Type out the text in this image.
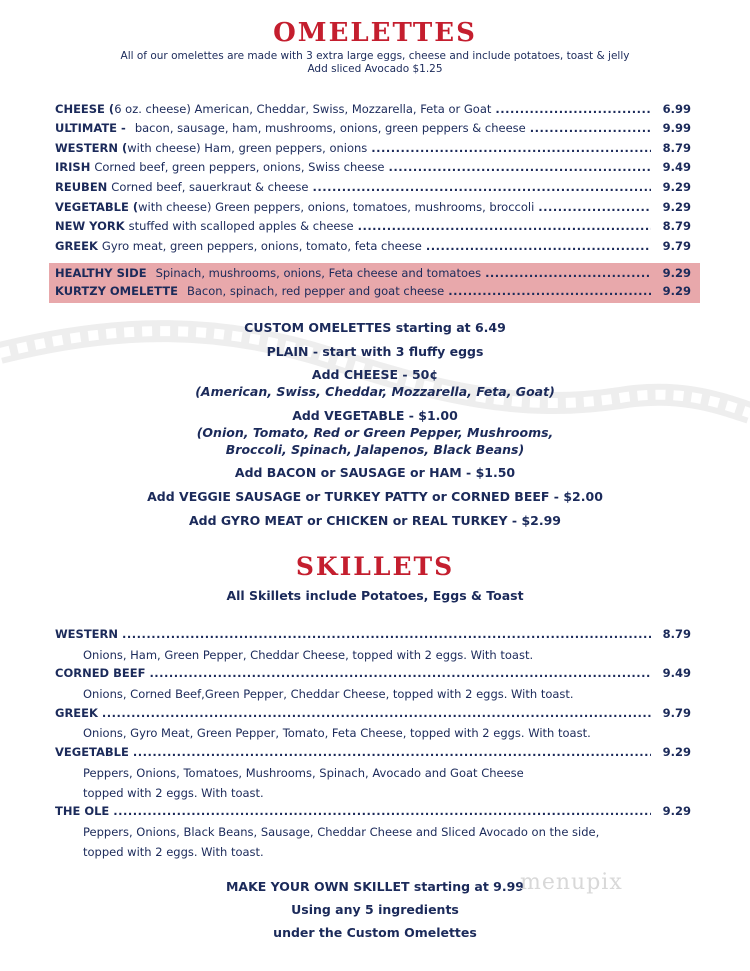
OMELETTES
All of our omelettes are made with 3 extra large eggs, cheese and include potatoes, toast & jelly
Add sliced Avocado $1.25
CHEESE ( 6 oz. cheese) American, Cheddar, Swiss, Mozzarella, Feta or Goat .....	6.99
ULTIMATE - bacon, sausage, ham, mushrooms, onions, green peppers & cheese .....	9.99
WESTERN ( with cheese) Ham, green peppers, onions .....	8.79
IRISH Corned beef, green peppers, onions, Swiss cheese .....	9.49
REUBEN Corned beef, sauerkraut & cheese .....	9.29
VEGETABLE ( with cheese) Green peppers, onions, tomatoes, mushrooms, broccoli .....	9.29
NEW YORK stuffed with scalloped apples & cheese .....	8.79
GREEK Gyro meat, green peppers, onions, tomato, feta cheese .....	9.79
HEALTHY SIDE Spinach, mushrooms, onions, Feta cheese and tomatoes .....	9.29
KURTZY OMELETTE Bacon, spinach, red pepper and goat cheese .....	9.29
CUSTOM OMELETTES starting at 6.49
PLAIN - start with 3 fluffy eggs
Add CHEESE - 50¢
(American, Swiss, Cheddar, Mozzarella, Feta, Goat)
Add VEGETABLE - $1.00
(Onion, Tomato, Red or Green Pepper, Mushrooms,
Broccoli, Spinach, Jalapenos, Black Beans)
Add BACON or SAUSAGE or HAM - $1.50
Add VEGGIE SAUSAGE or TURKEY PATTY or CORNED BEEF - $2.00
Add GYRO MEAT or CHICKEN or REAL TURKEY - $2.99
SKILLETS
All Skillets include Potatoes, Eggs & Toast
WESTERN .....	8.79
Onions, Ham, Green Pepper, Cheddar Cheese, topped with 2 eggs. With toast.
CORNED BEEF .....	9.49
Onions, Corned Beef,Green Pepper, Cheddar Cheese, topped with 2 eggs. With toast.
GREEK .....	9.79
Onions, Gyro Meat, Green Pepper, Tomato, Feta Cheese, topped with 2 eggs. With toast.
VEGETABLE .....	9.29
Peppers, Onions, Tomatoes, Mushrooms, Spinach, Avocado and Goat Cheese
topped with 2 eggs. With toast.
THE OLE .....	9.29
Peppers, Onions, Black Beans, Sausage, Cheddar Cheese and Sliced Avocado on the side,
topped with 2 eggs. With toast.
MAKE YOUR OWN SKILLET starting at 9.99
Using any 5 ingredients
under the Custom Omelettes
menupix
